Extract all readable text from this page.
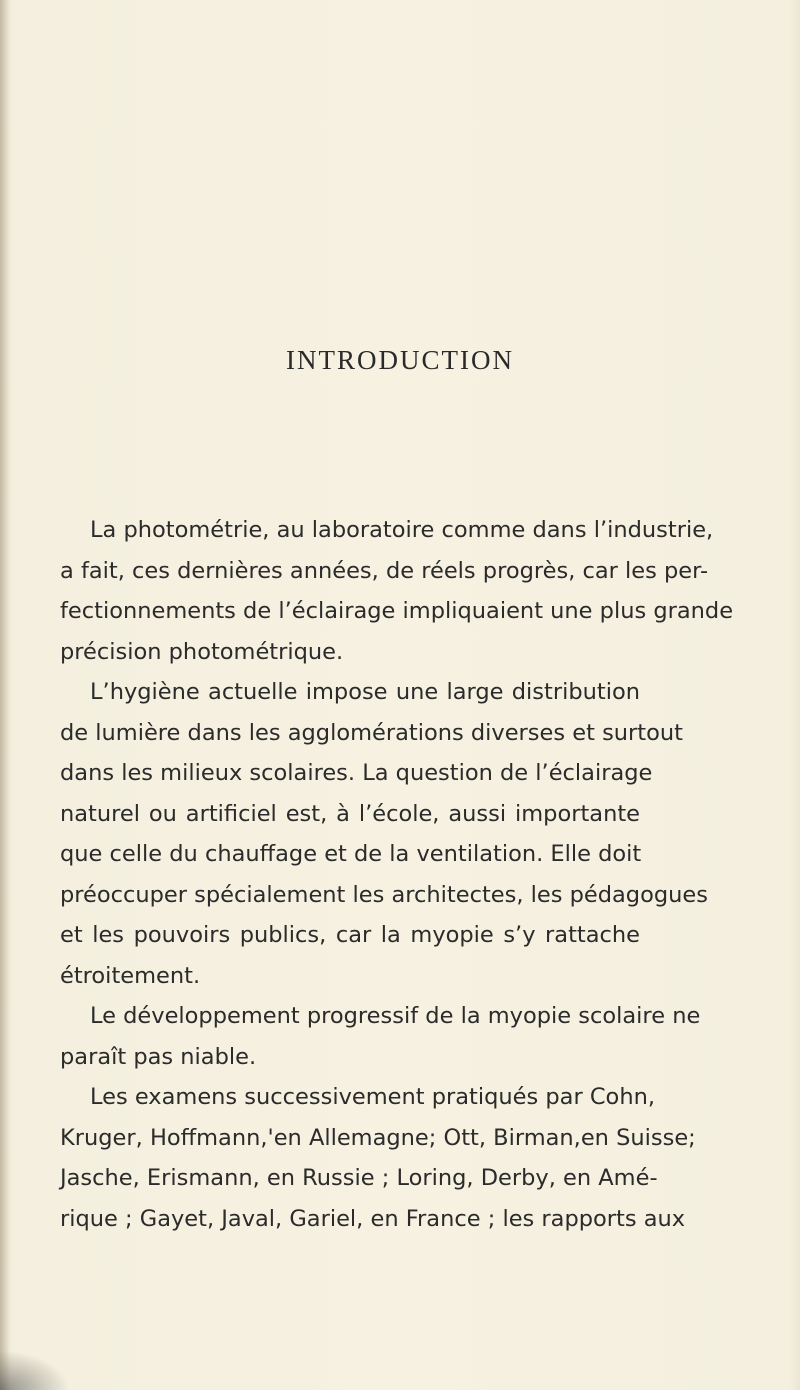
INTRODUCTION

La photométrie, au laboratoire comme dans l’industrie,
a fait, ces dernières années, de réels progrès, car les per-
fectionnements de l’éclairage impliquaient une plus grande
précision photométrique.

L’hygiène actuelle impose une large distribution
de lumière dans les agglomérations diverses et surtout
dans les milieux scolaires. La question de l’éclairage
naturel ou artificiel est, à l’école, aussi importante
que celle du chauffage et de la ventilation. Elle doit
préoccuper spécialement les architectes, les pédagogues
et les pouvoirs publics, car la myopie s’y rattache
étroitement.

Le développement progressif de la myopie scolaire ne
paraît pas niable.

Les examens successivement pratiqués par Cohn,
Kruger, Hoffmann,'en Allemagne; Ott, Birman,en Suisse;
Jasche, Erismann, en Russie ; Loring, Derby, en Amé-
rique ; Gayet, Javal, Gariel, en France ; les rapports aux
